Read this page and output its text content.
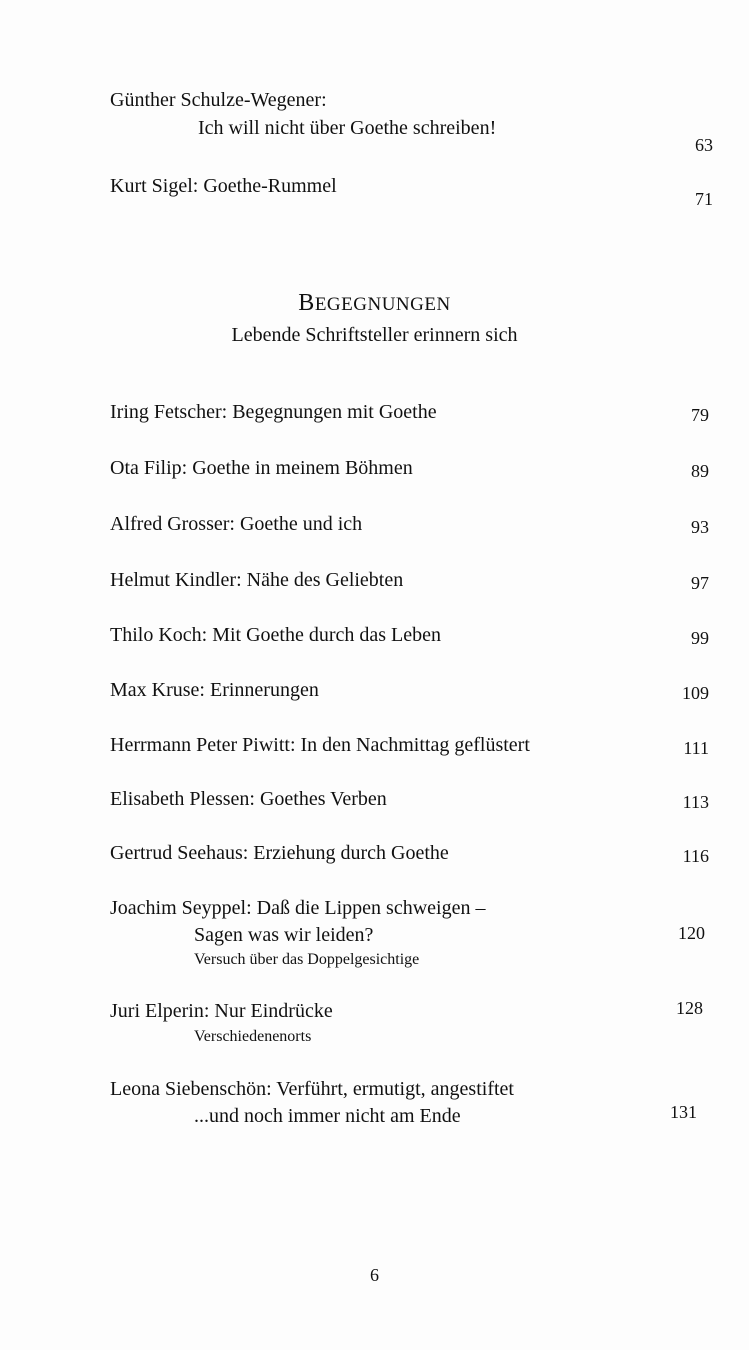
Günther Schulze-Wegener:
Ich will nicht über Goethe schreiben!
63
Kurt Sigel: Goethe-Rummel
71
BEGEGNUNGEN
Lebende Schriftsteller erinnern sich
Iring Fetscher: Begegnungen mit Goethe	79
Ota Filip: Goethe in meinem Böhmen	89
Alfred Grosser: Goethe und ich	93
Helmut Kindler: Nähe des Geliebten	97
Thilo Koch: Mit Goethe durch das Leben	99
Max Kruse: Erinnerungen	109
Herrmann Peter Piwitt: In den Nachmittag geflüstert	111
Elisabeth Plessen: Goethes Verben	113
Gertrud Seehaus: Erziehung durch Goethe	116
Joachim Seyppel: Daß die Lippen schweigen –
Sagen was wir leiden?
Versuch über das Doppelgesichtige
120
Juri Elperin: Nur Eindrücke
Verschiedenenorts
128
Leona Siebenschön: Verführt, ermutigt, angestiftet
...und noch immer nicht am Ende	131
6
